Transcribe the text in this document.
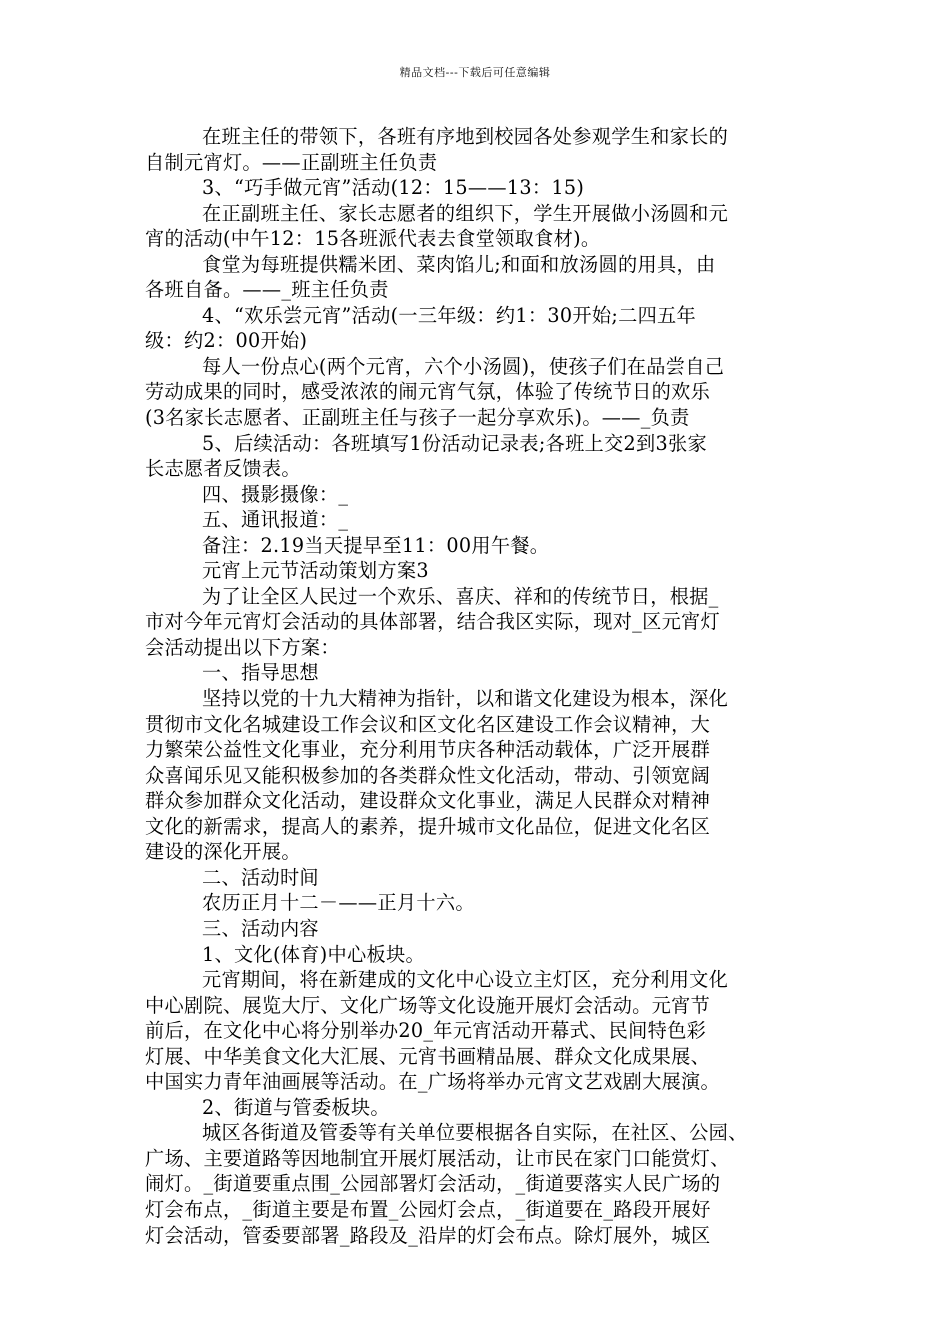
精品文档---下载后可任意编辑
在班主任的带领下，各班有序地到校园各处参观学生和家长的
自制元宵灯。——正副班主任负责
3、“巧手做元宵”活动(12：15——13：15)
在正副班主任、家长志愿者的组织下，学生开展做小汤圆和元
宵的活动(中午12：15各班派代表去食堂领取食材)。
食堂为每班提供糯米团、菜肉馅儿;和面和放汤圆的用具，由
各班自备。——_班主任负责
4、“欢乐尝元宵”活动(一三年级：约1：30开始;二四五年
级：约2：00开始)
每人一份点心(两个元宵，六个小汤圆)，使孩子们在品尝自己
劳动成果的同时，感受浓浓的闹元宵气氛，体验了传统节日的欢乐
(3名家长志愿者、正副班主任与孩子一起分享欢乐)。——_负责
5、后续活动：各班填写1份活动记录表;各班上交2到3张家
长志愿者反馈表。
四、摄影摄像：_
五、通讯报道：_
备注：2.19当天提早至11：00用午餐。
元宵上元节活动策划方案3
为了让全区人民过一个欢乐、喜庆、祥和的传统节日，根据_
市对今年元宵灯会活动的具体部署，结合我区实际，现对_区元宵灯
会活动提出以下方案：
一、指导思想
坚持以党的十九大精神为指针，以和谐文化建设为根本，深化
贯彻市文化名城建设工作会议和区文化名区建设工作会议精神，大
力繁荣公益性文化事业，充分利用节庆各种活动载体，广泛开展群
众喜闻乐见又能积极参加的各类群众性文化活动，带动、引领宽阔
群众参加群众文化活动，建设群众文化事业，满足人民群众对精神
文化的新需求，提高人的素养，提升城市文化品位，促进文化名区
建设的深化开展。
二、活动时间
农历正月十二－——正月十六。
三、活动内容
1、文化(体育)中心板块。
元宵期间，将在新建成的文化中心设立主灯区，充分利用文化
中心剧院、展览大厅、文化广场等文化设施开展灯会活动。元宵节
前后，在文化中心将分别举办20_年元宵活动开幕式、民间特色彩
灯展、中华美食文化大汇展、元宵书画精品展、群众文化成果展、
中国实力青年油画展等活动。在_广场将举办元宵文艺戏剧大展演。
2、街道与管委板块。
城区各街道及管委等有关单位要根据各自实际，在社区、公园、
广场、主要道路等因地制宜开展灯展活动，让市民在家门口能赏灯、
闹灯。_街道要重点围_公园部署灯会活动，_街道要落实人民广场的
灯会布点，_街道主要是布置_公园灯会点，_街道要在_路段开展好
灯会活动，管委要部署_路段及_沿岸的灯会布点。除灯展外，城区
